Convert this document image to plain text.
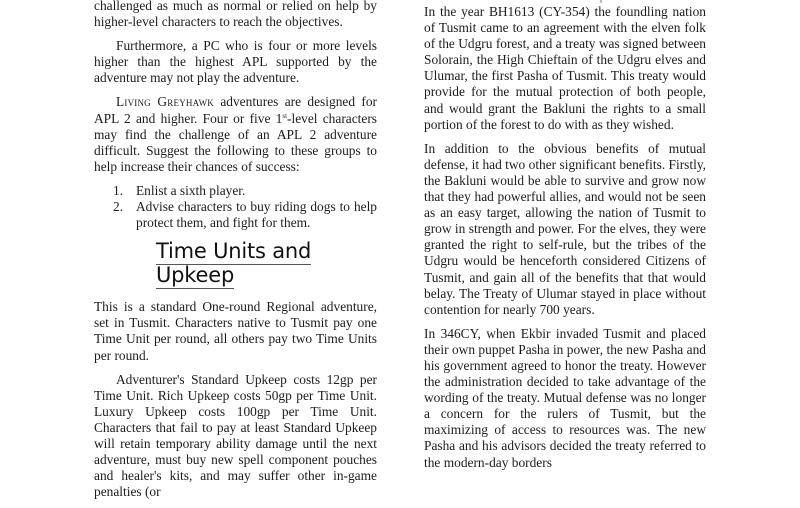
challenged as much as normal or relied on help by higher-level characters to reach the objectives.

Furthermore, a PC who is four or more levels higher than the highest APL supported by the adventure may not play the adventure.

Living Greyhawk adventures are designed for APL 2 and higher. Four or five 1st-level characters may find the challenge of an APL 2 adventure difficult. Suggest the following to these groups to help increase their chances of success:

1. Enlist a sixth player.
2. Advise characters to buy riding dogs to help protect them, and fight for them.
Time Units and Upkeep

This is a standard One-round Regional adventure, set in Tusmit. Characters native to Tusmit pay one Time Unit per round, all others pay two Time Units per round.

Adventurer's Standard Upkeep costs 12gp per Time Unit. Rich Upkeep costs 50gp per Time Unit. Luxury Upkeep costs 100gp per Time Unit. Characters that fail to pay at least Standard Upkeep will retain temporary ability damage until the next adventure, must buy new spell component pouches and healer's kits, and may suffer other in-game penalties (or

In the year BH1613 (CY-354) the foundling nation of Tusmit came to an agreement with the elven folk of the Udgru forest, and a treaty was signed between Solorain, the High Chieftain of the Udgru elves and Ulumar, the first Pasha of Tusmit. This treaty would provide for the mutual protection of both people, and would grant the Bakluni the rights to a small portion of the forest to do with as they wished.

In addition to the obvious benefits of mutual defense, it had two other significant benefits. Firstly, the Bakluni would be able to survive and grow now that they had powerful allies, and would not be seen as an easy target, allowing the nation of Tusmit to grow in strength and power. For the elves, they were granted the right to self-rule, but the tribes of the Udgru would be henceforth considered Citizens of Tusmit, and gain all of the benefits that that would belay. The Treaty of Ulumar stayed in place without contention for nearly 700 years.

In 346CY, when Ekbir invaded Tusmit and placed their own puppet Pasha in power, the new Pasha and his government agreed to honor the treaty. However the administration decided to take advantage of the wording of the treaty. Mutual defense was no longer a concern for the rulers of Tusmit, but the maximizing of access to resources was. The new Pasha and his advisors decided the treaty referred to the modern-day borders
